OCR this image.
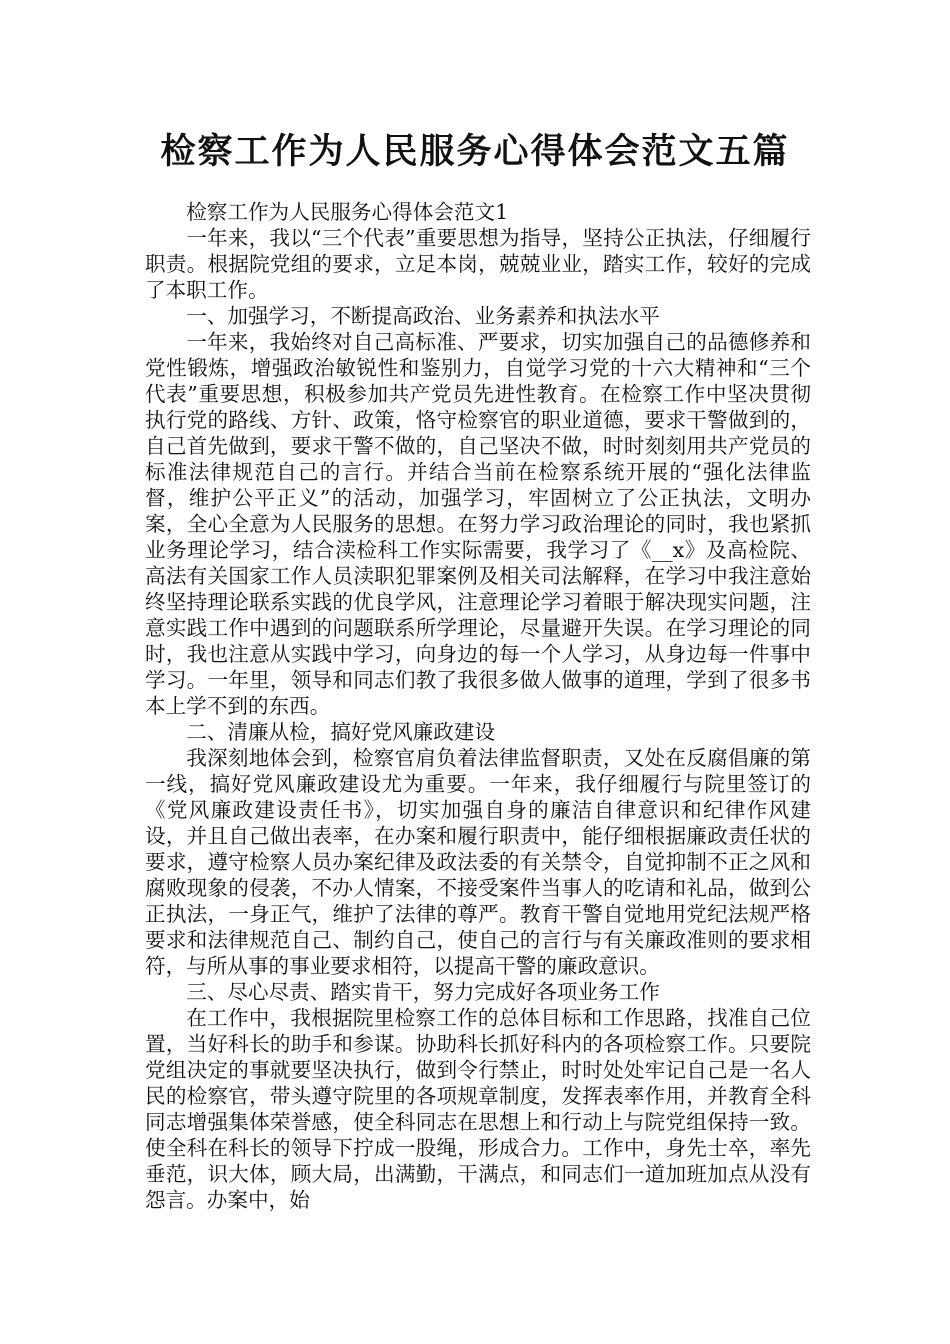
检察工作为人民服务心得体会范文五篇

检察工作为人民服务心得体会范文1

一年来，我以“三个代表”重要思想为指导，坚持公正执法，仔细履行职责。根据院党组的要求，立足本岗，兢兢业业，踏实工作，较好的完成了本职工作。

一、加强学习，不断提高政治、业务素养和执法水平

一年来，我始终对自己高标准、严要求，切实加强自己的品德修养和党性锻炼，增强政治敏锐性和鉴别力，自觉学习党的十六大精神和“三个代表”重要思想，积极参加共产党员先进性教育。在检察工作中坚决贯彻执行党的路线、方针、政策，恪守检察官的职业道德，要求干警做到的，自己首先做到，要求干警不做的，自己坚决不做，时时刻刻用共产党员的标准法律规范自己的言行。并结合当前在检察系统开展的“强化法律监督，维护公平正义”的活动，加强学习，牢固树立了公正执法，文明办案，全心全意为人民服务的思想。在努力学习政治理论的同时，我也紧抓业务理论学习，结合渎检科工作实际需要，我学习了《__x》及高检院、高法有关国家工作人员渎职犯罪案例及相关司法解释，在学习中我注意始终坚持理论联系实践的优良学风，注意理论学习着眼于解决现实问题，注意实践工作中遇到的问题联系所学理论，尽量避开失误。在学习理论的同时，我也注意从实践中学习，向身边的每一个人学习，从身边每一件事中学习。一年里，领导和同志们教了我很多做人做事的道理，学到了很多书本上学不到的东西。

二、清廉从检，搞好党风廉政建设

我深刻地体会到，检察官肩负着法律监督职责，又处在反腐倡廉的第一线，搞好党风廉政建设尤为重要。一年来，我仔细履行与院里签订的《党风廉政建设责任书》，切实加强自身的廉洁自律意识和纪律作风建设，并且自己做出表率，在办案和履行职责中，能仔细根据廉政责任状的要求，遵守检察人员办案纪律及政法委的有关禁令，自觉抑制不正之风和腐败现象的侵袭，不办人情案，不接受案件当事人的吃请和礼品，做到公正执法，一身正气，维护了法律的尊严。教育干警自觉地用党纪法规严格要求和法律规范自己、制约自己，使自己的言行与有关廉政准则的要求相符，与所从事的事业要求相符，以提高干警的廉政意识。

三、尽心尽责、踏实肯干，努力完成好各项业务工作

在工作中，我根据院里检察工作的总体目标和工作思路，找准自己位置，当好科长的助手和参谋。协助科长抓好科内的各项检察工作。只要院党组决定的事就要坚决执行，做到令行禁止，时时处处牢记自己是一名人民的检察官，带头遵守院里的各项规章制度，发挥表率作用，并教育全科同志增强集体荣誉感，使全科同志在思想上和行动上与院党组保持一致。使全科在科长的领导下拧成一股绳，形成合力。工作中，身先士卒，率先垂范，识大体，顾大局，出满勤，干满点，和同志们一道加班加点从没有怨言。办案中，始
